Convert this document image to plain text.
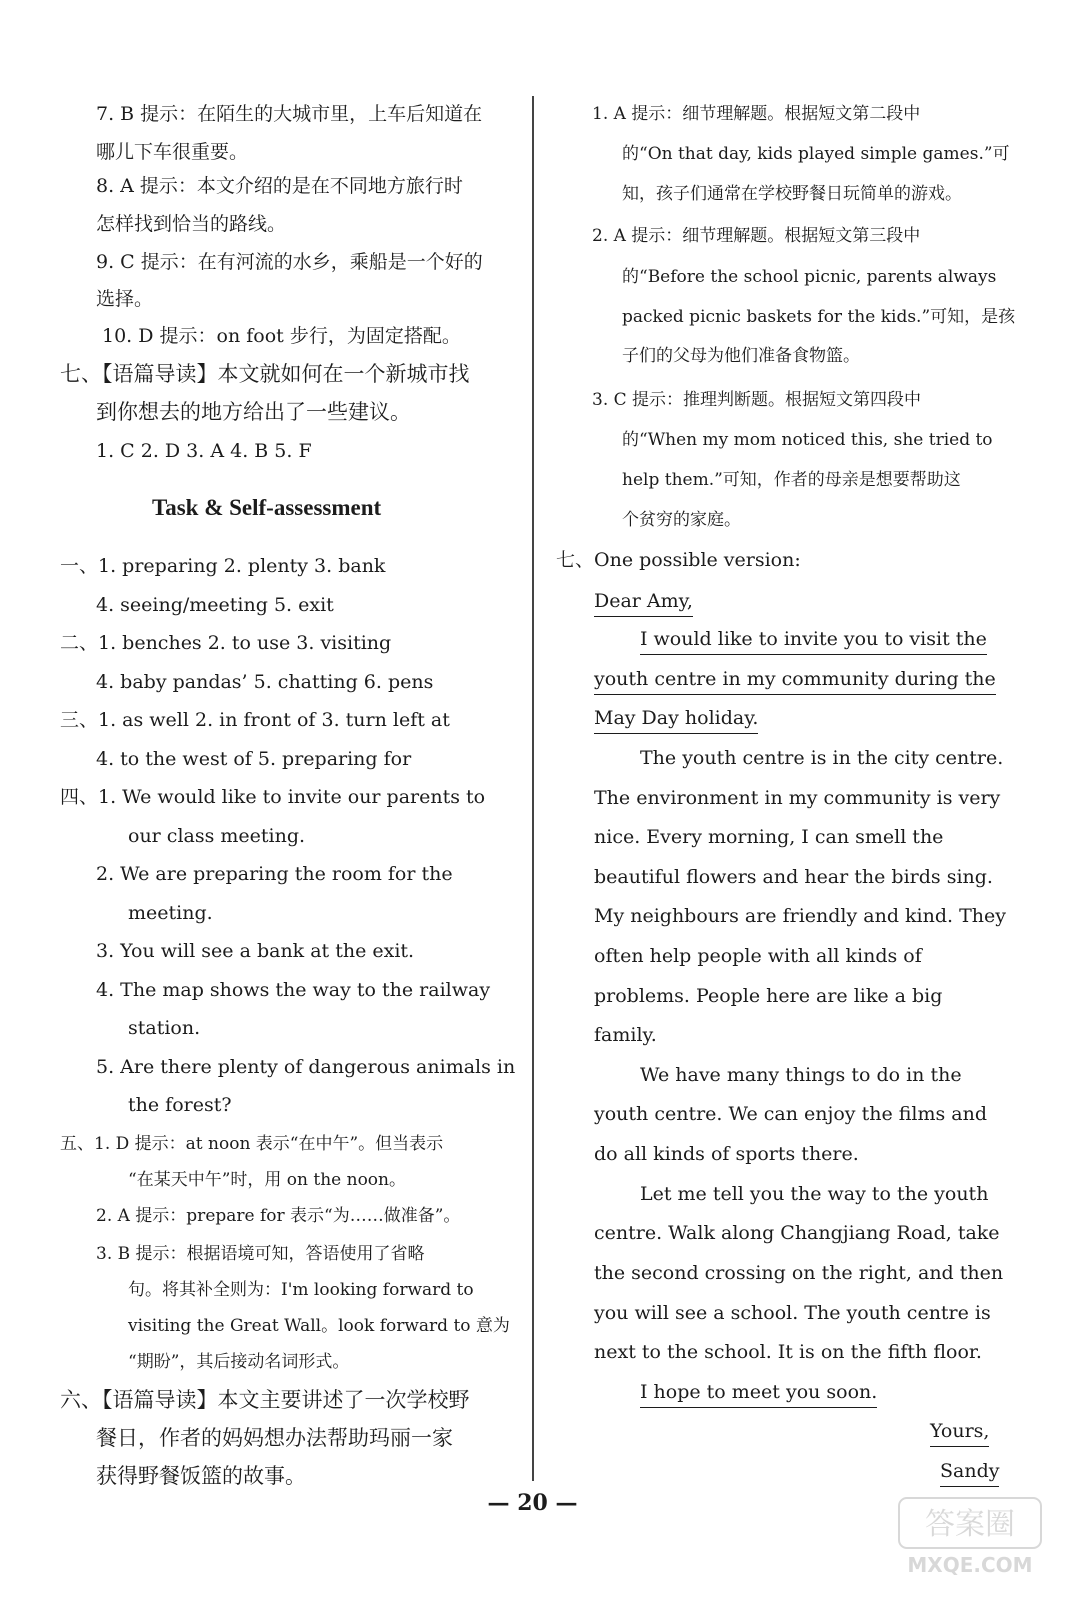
7. B 提示：在陌生的大城市里，上车后知道在
哪儿下车很重要。
8. A 提示：本文介绍的是在不同地方旅行时
怎样找到恰当的路线。
9. C 提示：在有河流的水乡，乘船是一个好的
选择。
10. D 提示：on foot 步行，为固定搭配。
七、【语篇导读】本文就如何在一个新城市找
到你想去的地方给出了一些建议。
1. C 2. D 3. A 4. B 5. F
Task & Self-assessment
一、1. preparing 2. plenty 3. bank
4. seeing/meeting 5. exit
二、1. benches 2. to use 3. visiting
4. baby pandas’ 5. chatting 6. pens
三、1. as well 2. in front of 3. turn left at
4. to the west of 5. preparing for
四、1. We would like to invite our parents to
our class meeting.
2. We are preparing the room for the
meeting.
3. You will see a bank at the exit.
4. The map shows the way to the railway
station.
5. Are there plenty of dangerous animals in
the forest?
五、1. D 提示：at noon 表示“在中午”。但当表示
“在某天中午”时，用 on the noon。
2. A 提示：prepare for 表示“为……做准备”。
3. B 提示：根据语境可知，答语使用了省略
句。将其补全则为：I'm looking forward to
visiting the Great Wall。look forward to 意为
“期盼”，其后接动名词形式。
六、【语篇导读】本文主要讲述了一次学校野
餐日，作者的妈妈想办法帮助玛丽一家
获得野餐饭篮的故事。
1. A 提示：细节理解题。根据短文第二段中
的“On that day, kids played simple games.”可
知，孩子们通常在学校野餐日玩简单的游戏。
2. A 提示：细节理解题。根据短文第三段中
的“Before the school picnic, parents always
packed picnic baskets for the kids.”可知，是孩
子们的父母为他们准备食物篮。
3. C 提示：推理判断题。根据短文第四段中
的“When my mom noticed this, she tried to
help them.”可知，作者的母亲是想要帮助这
个贫穷的家庭。
七、One possible version:
Dear Amy,
I would like to invite you to visit the
youth centre in my community during the
May Day holiday.
The youth centre is in the city centre.
The environment in my community is very
nice. Every morning, I can smell the
beautiful flowers and hear the birds sing.
My neighbours are friendly and kind. They
often help people with all kinds of
problems. People here are like a big
family.
We have many things to do in the
youth centre. We can enjoy the films and
do all kinds of sports there.
Let me tell you the way to the youth
centre. Walk along Changjiang Road, take
the second crossing on the right, and then
you will see a school. The youth centre is
next to the school. It is on the fifth floor.
I hope to meet you soon.
Yours,
Sandy
— 20 —
答案圈
MXQE.COM
